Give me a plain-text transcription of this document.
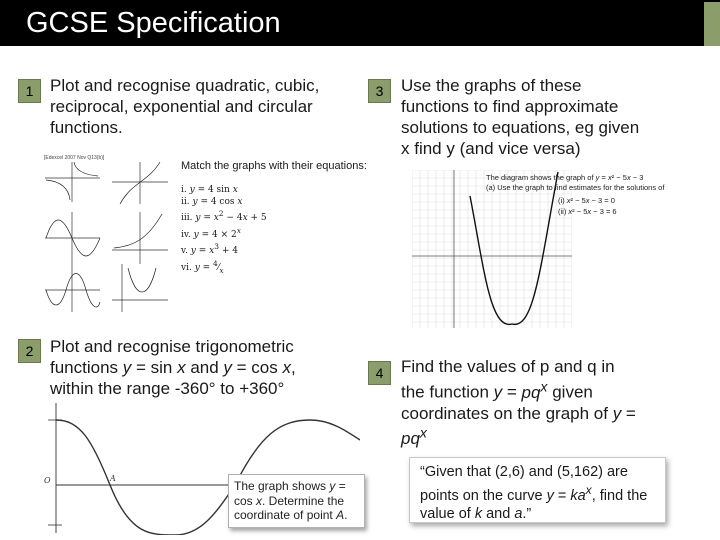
GCSE Specification
1 Plot and recognise quadratic, cubic, reciprocal, exponential and circular functions.
3	Use the graphs of these functions to find approximate solutions to equations, eg given x find y (and vice versa)
2 Plot and recognise trigonometric functions y = sin x and y = cos x, within the range -360° to +360°
4	Find the values of p and q in the function $y = pq^x$ given coordinates on the graph of $y = pq^x$
[Edexcel 2007 Nov Q13(b)]
Match the graphs with their equations:
i. y = 4 sin x
ii. y = 4 cos x
iii. $y = x^2 - 4x + 5$
iv. $y = 4 \times 2^x$
v. $y = x^3 + 4$
vi. $y = ^4⁄_x$
The diagram shows the graph of y = x² − 5x − 3
(a) Use the graph to find estimates for the solutions of
(i) x² − 5x − 3 = 0
(ii) x² − 5x − 3 = 6
A
O	The graph shows y = cos x. Determine the coordinate of point A.
“Given that (2,6) and (5,162) are points on the curve $y = ka^x$, find the value of k and a.”
